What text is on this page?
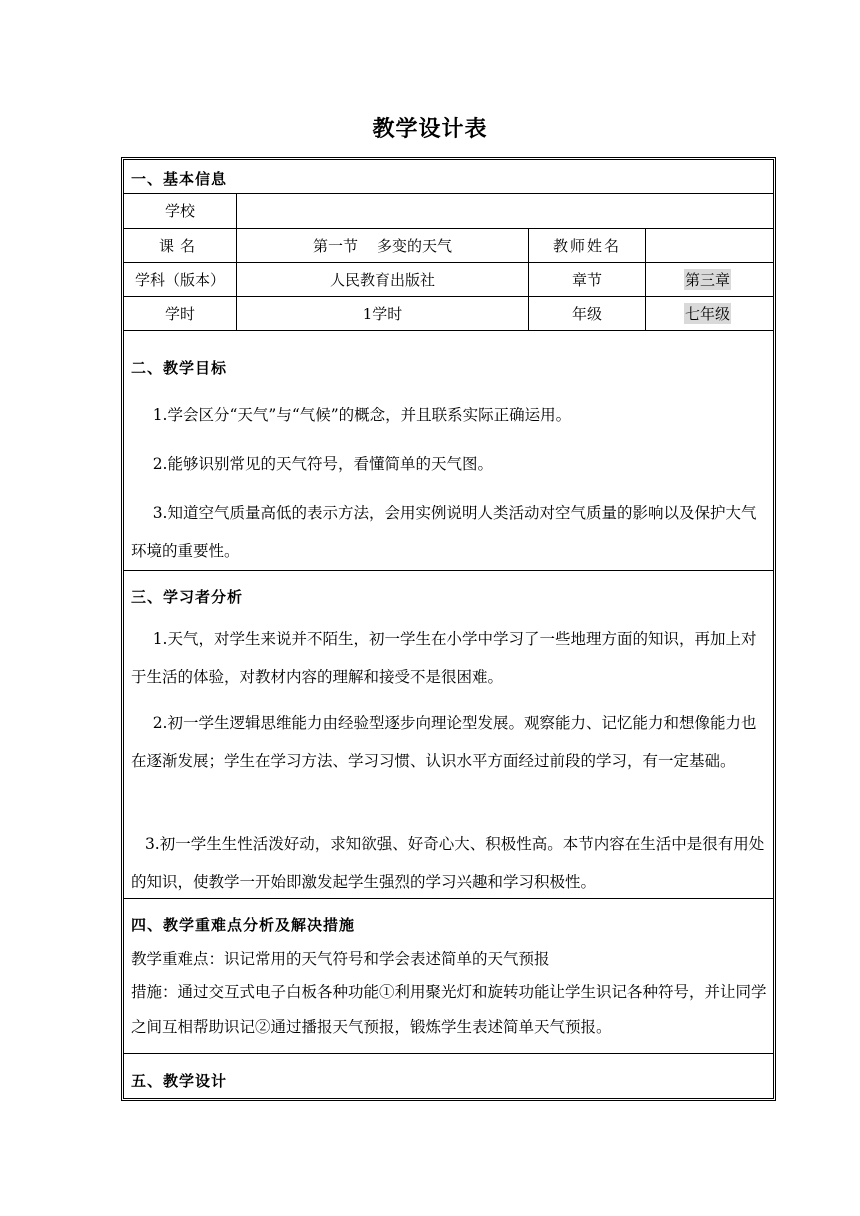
教学设计表
一、基本信息
学校
课名	第一节    多变的天气	教师姓名
学科（版本）	人民教育出版社	章节	第三章
学时	1学时	年级	七年级
二、教学目标

1.学会区分“天气”与“气候”的概念，并且联系实际正确运用。

2.能够识别常见的天气符号，看懂简单的天气图。

3.知道空气质量高低的表示方法，会用实例说明人类活动对空气质量的影响以及保护大气环境的重要性。

三、学习者分析

1.天气，对学生来说并不陌生，初一学生在小学中学习了一些地理方面的知识，再加上对于生活的体验，对教材内容的理解和接受不是很困难。

2.初一学生逻辑思维能力由经验型逐步向理论型发展。观察能力、记忆能力和想像能力也在逐渐发展；学生在学习方法、学习习惯、认识水平方面经过前段的学习，有一定基础。

3.初一学生生性活泼好动，求知欲强、好奇心大、积极性高。本节内容在生活中是很有用处的知识，使教学一开始即激发起学生强烈的学习兴趣和学习积极性。

四、教学重难点分析及解决措施

教学重难点：识记常用的天气符号和学会表述简单的天气预报

措施：通过交互式电子白板各种功能①利用聚光灯和旋转功能让学生识记各种符号，并让同学之间互相帮助识记②通过播报天气预报，锻炼学生表述简单天气预报。

五、教学设计
